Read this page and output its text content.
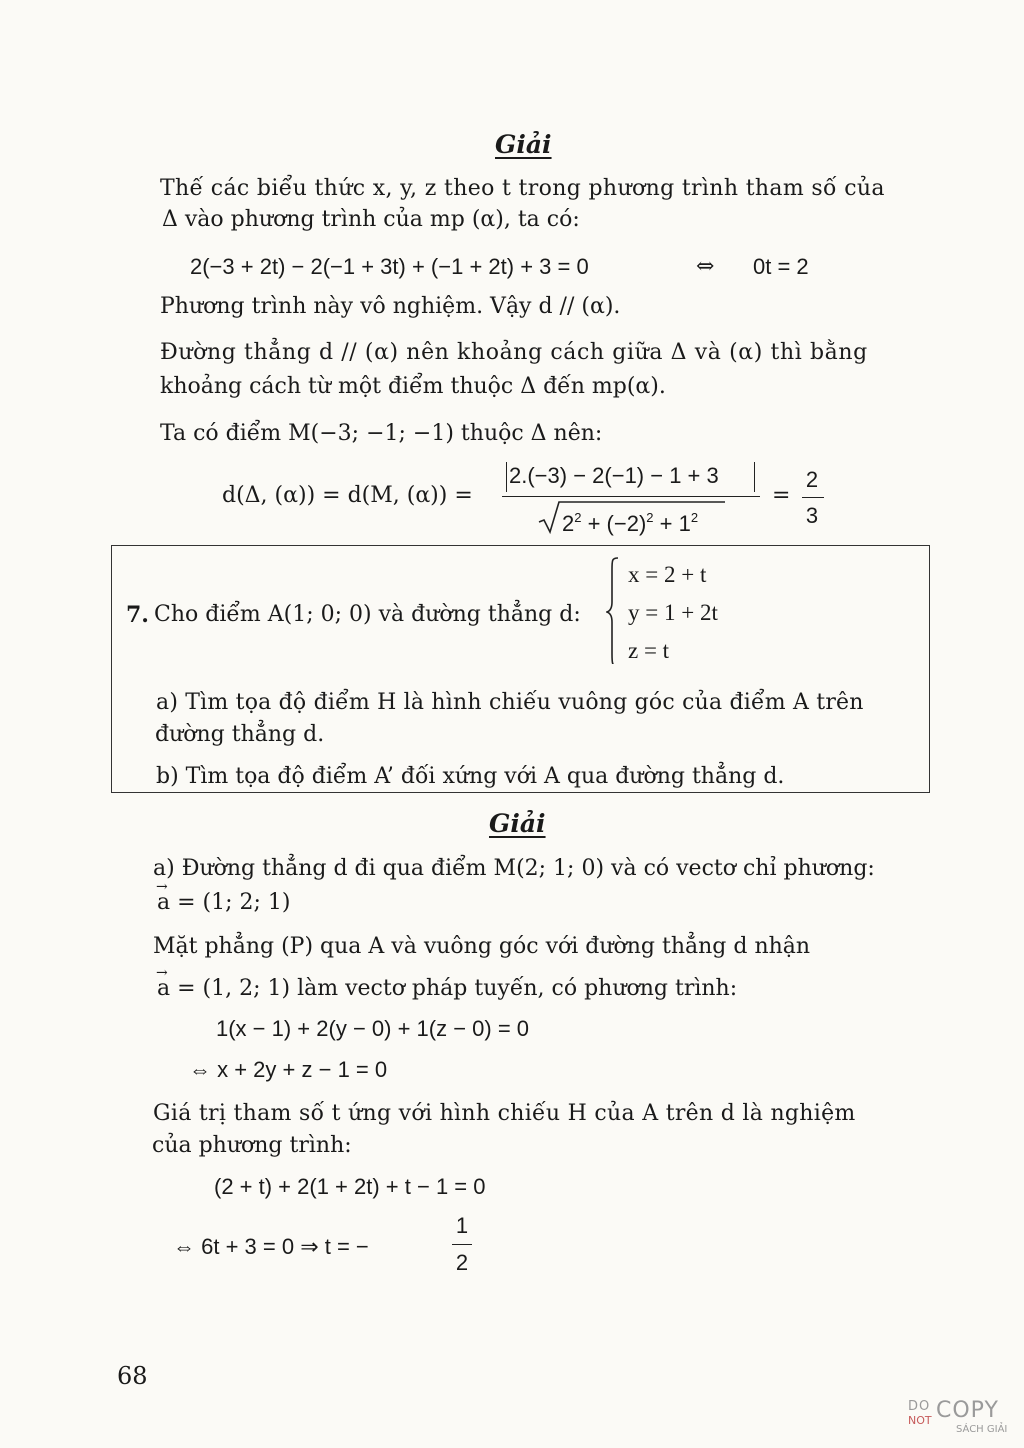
Giải
Thế các biểu thức x, y, z theo t trong phương trình tham số của
Δ vào phương trình của mp (α), ta có:
2(−3 + 2t) − 2(−1 + 3t) + (−1 + 2t) + 3 = 0	⇔ 0t = 2
Phương trình này vô nghiệm. Vậy d // (α).
Đường thẳng d // (α) nên khoảng cách giữa Δ và (α) thì bằng
khoảng cách từ một điểm thuộc Δ đến mp(α).
Ta có điểm M(−3; −1; −1) thuộc Δ nên:
d(Δ, (α)) = d(M, (α)) =
2.(−3) − 2(−1) − 1 + 3
$2^2 + (-2)^2 + 1^2$
=
2
3
7. Cho điểm A(1; 0; 0) và đường thẳng d:
x = 2 + t
y = 1 + 2t
z = t
a) Tìm tọa độ điểm H là hình chiếu vuông góc của điểm A trên
đường thẳng d.
b) Tìm tọa độ điểm A’ đối xứng với A qua đường thẳng d.
Giải
a) Đường thẳng d đi qua điểm M(2; 1; 0) và có vectơ chỉ phương:
→
a = (1; 2; 1)
Mặt phẳng (P) qua A và vuông góc với đường thẳng d nhận
→
a = (1, 2; 1) làm vectơ pháp tuyến, có phương trình:
1(x − 1) + 2(y − 0) + 1(z − 0) = 0
⇔ x + 2y + z − 1 = 0
Giá trị tham số t ứng với hình chiếu H của A trên d là nghiệm
của phương trình:
(2 + t) + 2(1 + 2t) + t − 1 = 0
⇔ 6t + 3 = 0 ⇒ t = −
1
2
68
DO
NOT COPY
SÁCH GIẢI
